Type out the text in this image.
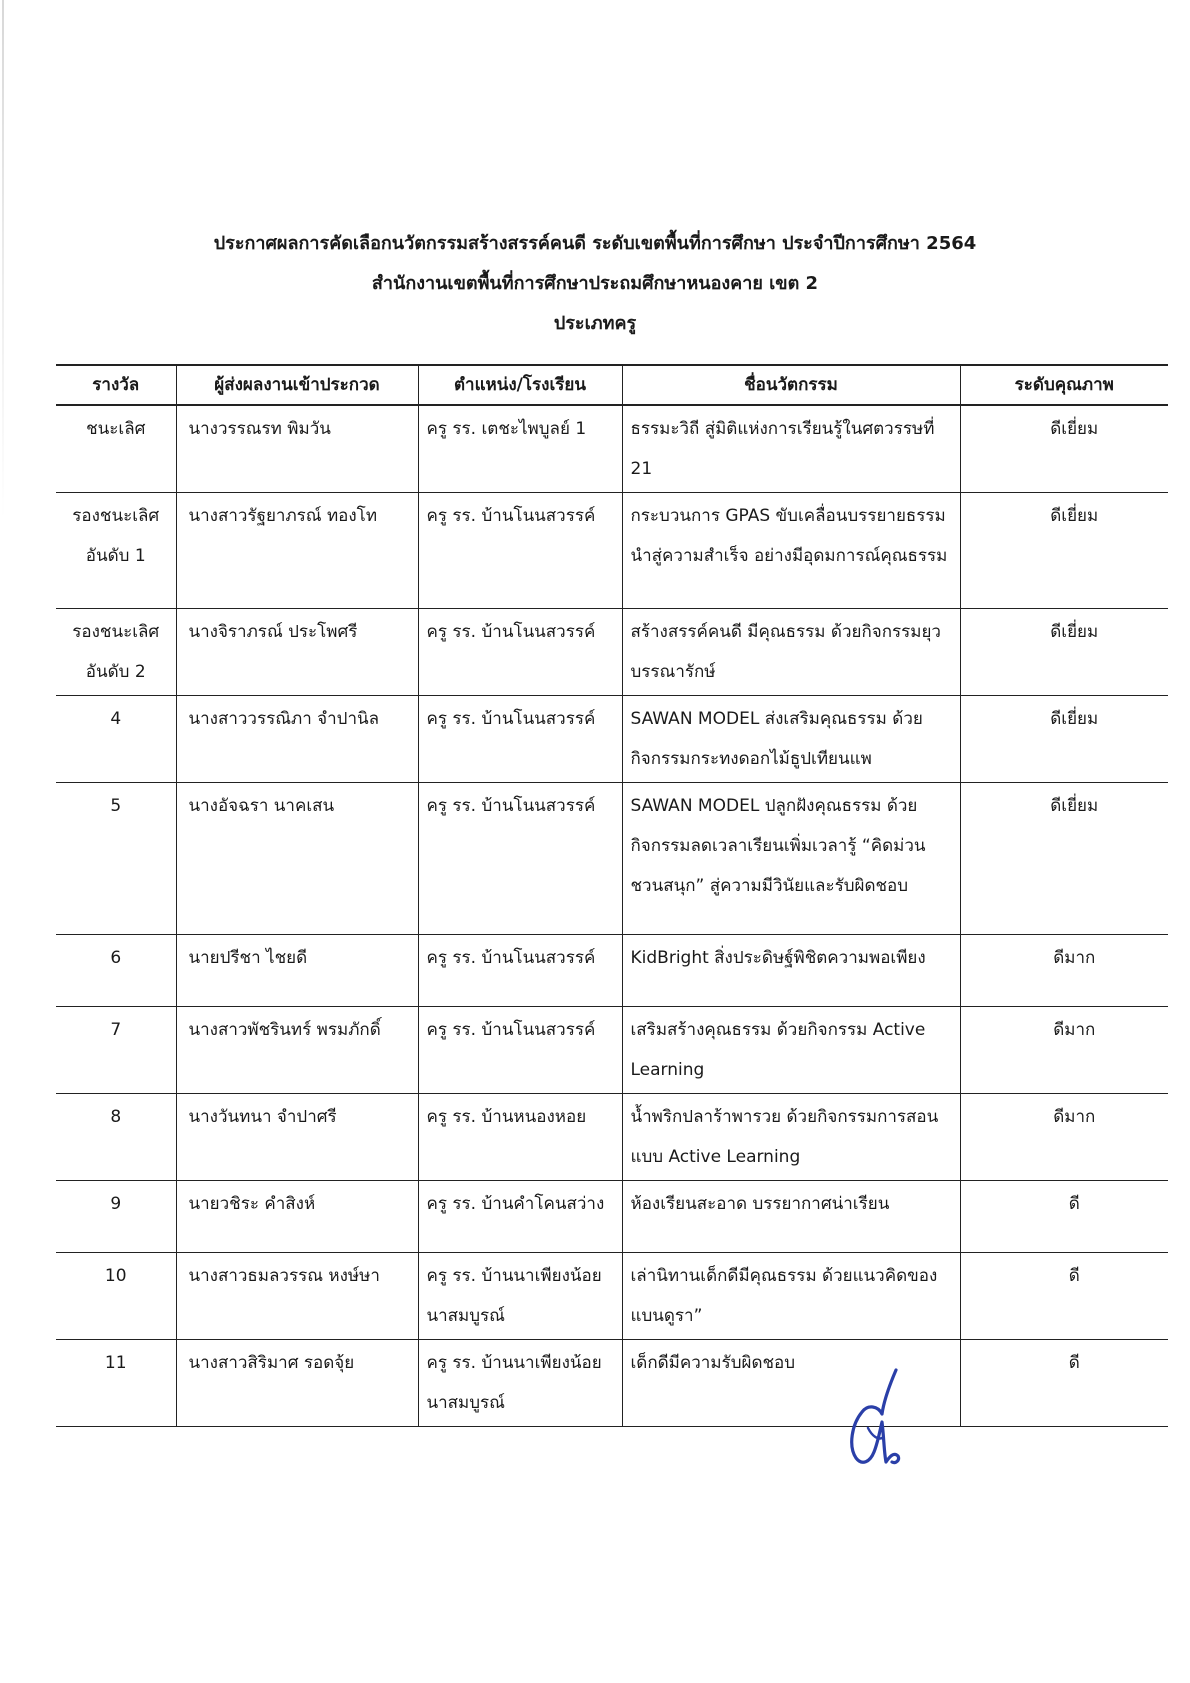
ประกาศผลการคัดเลือกนวัตกรรมสร้างสรรค์คนดี ระดับเขตพื้นที่การศึกษา ประจำปีการศึกษา 2564
สำนักงานเขตพื้นที่การศึกษาประถมศึกษาหนองคาย เขต 2
ประเภทครู
รางวัล	ผู้ส่งผลงานเข้าประกวด	ตำแหน่ง/โรงเรียน	ชื่อนวัตกรรม	ระดับคุณภาพ
ชนะเลิศ	นางวรรณรท พิมวัน	ครู รร. เตชะไพบูลย์ 1	ธรรมะวิถี สู่มิติแห่งการเรียนรู้ในศตวรรษที่ 21	ดีเยี่ยม
รองชนะเลิศอันดับ 1	นางสาวรัฐยาภรณ์ ทองโท	ครู รร. บ้านโนนสวรรค์	กระบวนการ GPAS ขับเคลื่อนบรรยายธรรม นำสู่ความสำเร็จ อย่างมีอุดมการณ์คุณธรรม	ดีเยี่ยม
รองชนะเลิศอันดับ 2	นางจิราภรณ์ ประโพศรี	ครู รร. บ้านโนนสวรรค์	สร้างสรรค์คนดี มีคุณธรรม ด้วยกิจกรรมยุวบรรณารักษ์	ดีเยี่ยม
4	นางสาววรรณิภา จำปานิล	ครู รร. บ้านโนนสวรรค์	SAWAN MODEL ส่งเสริมคุณธรรม ด้วยกิจกรรมกระทงดอกไม้ธูปเทียนแพ	ดีเยี่ยม
5	นางอัจฉรา นาคเสน	ครู รร. บ้านโนนสวรรค์	SAWAN MODEL ปลูกฝังคุณธรรม ด้วยกิจกรรมลดเวลาเรียนเพิ่มเวลารู้ “คิดม่วนชวนสนุก” สู่ความมีวินัยและรับผิดชอบ	ดีเยี่ยม
6	นายปรีชา ไชยดี	ครู รร. บ้านโนนสวรรค์	KidBright สิ่งประดิษฐ์พิชิตความพอเพียง	ดีมาก
7	นางสาวพัชรินทร์ พรมภักดิ์	ครู รร. บ้านโนนสวรรค์	เสริมสร้างคุณธรรม ด้วยกิจกรรม Active Learning	ดีมาก
8	นางวันทนา จำปาศรี	ครู รร. บ้านหนองหอย	น้ำพริกปลาร้าพารวย ด้วยกิจกรรมการสอนแบบ Active Learning	ดีมาก
9	นายวชิระ คำสิงห์	ครู รร. บ้านคำโคนสว่าง	ห้องเรียนสะอาด บรรยากาศน่าเรียน	ดี
10	นางสาวธมลวรรณ หงษ์ษา	ครู รร. บ้านนาเพียงน้อยนาสมบูรณ์	เล่านิทานเด็กดีมีคุณธรรม ด้วยแนวคิดของแบนดูรา”	ดี
11	นางสาวสิริมาศ รอดจุ้ย	ครู รร. บ้านนาเพียงน้อยนาสมบูรณ์	เด็กดีมีความรับผิดชอบ	ดี
